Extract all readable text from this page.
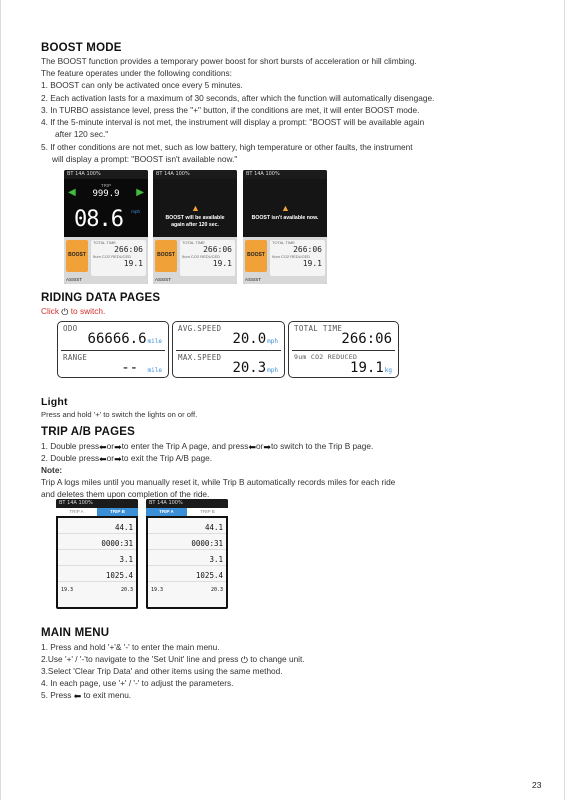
BOOST MODE
The BOOST function provides a temporary power boost for short bursts of acceleration or hill climbing.
The feature operates under the following conditions:
1. BOOST can only be activated once every 5 minutes.
2. Each activation lasts for a maximum of 30 seconds, after which the function will automatically disengage.
3. In TURBO assistance level, press the "+" button, if the conditions are met, it will enter BOOST mode.
4. If the 5-minute interval is not met, the instrument will display a prompt: "BOOST will be available again
after 120 sec."
5. If other conditions are not met, such as low battery, high temperature or other faults, the instrument
will display a prompt: "BOOST isn't available now."
BT 14A 100%
◀	▶
TRIP
999.9
08.6 mph
BOOST
ASSIST
TOTAL TIME
266:06
9um CO2 REDUCED
19.1
BT 14A 100%
▲
BOOST will be available again after 120 sec.
BOOST
ASSIST
TOTAL TIME
266:06
9um CO2 REDUCED
19.1
BT 14A 100%
▲
BOOST isn't available now.
BOOST
ASSIST
TOTAL TIME
266:06
9um CO2 REDUCED
19.1
RIDING DATA PAGES
Click ⏻ to switch.
ODO
66666.6mile
RANGE
-- mile
AVG.SPEED
20.0mph
MAX.SPEED
20.3mph
TOTAL TIME
266:06
9um CO2 REDUCED
19.1kg
Light
Press and hold '+' to switch the lights on or off.
TRIP A/B PAGES
1. Double press⬅or➡to enter the Trip A page, and press⬅or➡to switch to the Trip B page.
2. Double press⬅or➡to exit the Trip A/B page.
Note:
Trip A logs miles until you manually reset it, while Trip B automatically records miles for each ride
and deletes them upon completion of the ride.
BT 14A 100%
TRIP A	TRIP B
44.1
0000:31
3.1
1025.4
19.3	20.3
BT 14A 100%
TRIP A	TRIP B
44.1
0000:31
3.1
1025.4
19.3	20.3
MAIN MENU
1. Press and hold '+'& '-' to enter the main menu.
2.Use '+' / '-'to navigate to the 'Set Unit' line and press ⏻ to change unit.
3.Select 'Clear Trip Data' and other items using the same method.
4. In each page, use '+' / '-' to adjust the parameters.
5. Press ⬅ to exit menu.
23
